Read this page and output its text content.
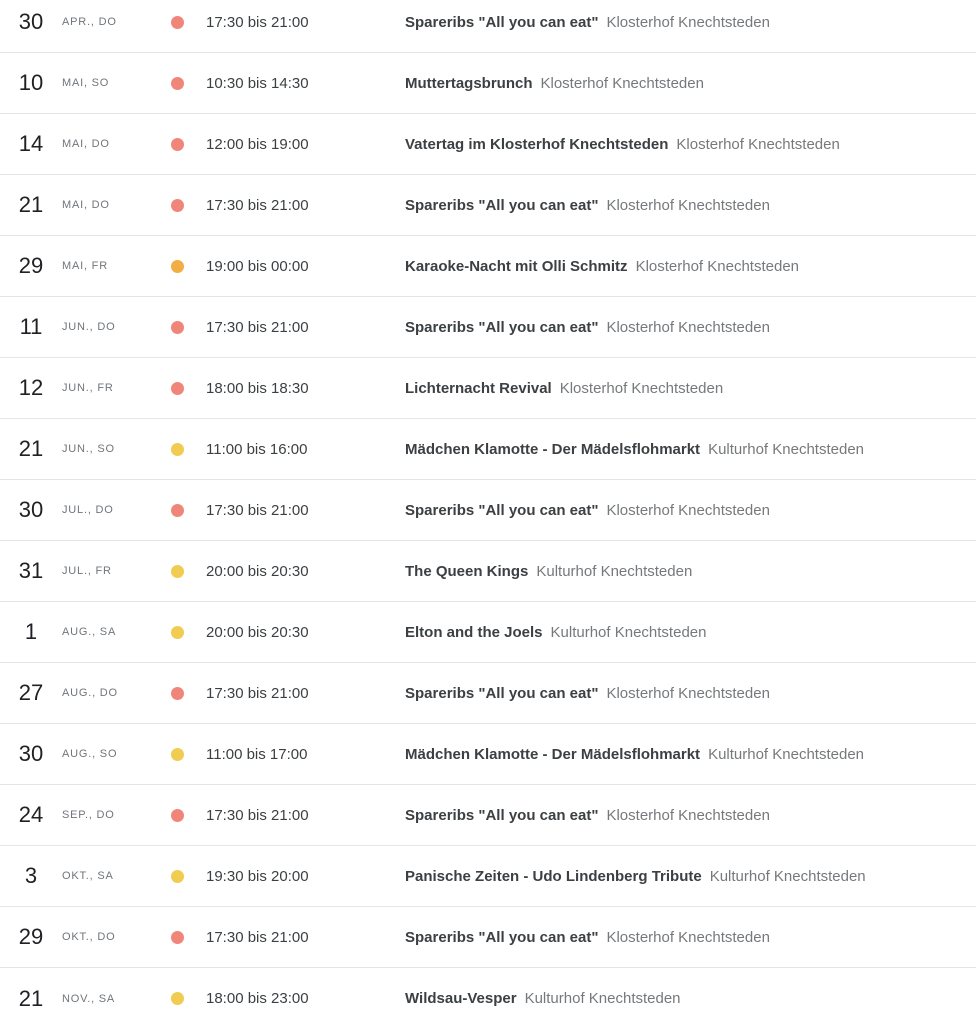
30	APR., DO	17:30 bis 21:00	Spareribs "All you can eat" Klosterhof Knechtsteden
10	MAI, SO	10:30 bis 14:30	Muttertagsbrunch Klosterhof Knechtsteden
14	MAI, DO	12:00 bis 19:00	Vatertag im Klosterhof Knechtsteden Klosterhof Knechtsteden
21	MAI, DO	17:30 bis 21:00	Spareribs "All you can eat" Klosterhof Knechtsteden
29	MAI, FR	19:00 bis 00:00	Karaoke-Nacht mit Olli Schmitz Klosterhof Knechtsteden
11	JUN., DO	17:30 bis 21:00	Spareribs "All you can eat" Klosterhof Knechtsteden
12	JUN., FR	18:00 bis 18:30	Lichternacht Revival Klosterhof Knechtsteden
21	JUN., SO	11:00 bis 16:00	Mädchen Klamotte - Der Mädelsflohmarkt Kulturhof Knechtsteden
30	JUL., DO	17:30 bis 21:00	Spareribs "All you can eat" Klosterhof Knechtsteden
31	JUL., FR	20:00 bis 20:30	The Queen Kings Kulturhof Knechtsteden
1	AUG., SA	20:00 bis 20:30	Elton and the Joels Kulturhof Knechtsteden
27	AUG., DO	17:30 bis 21:00	Spareribs "All you can eat" Klosterhof Knechtsteden
30	AUG., SO	11:00 bis 17:00	Mädchen Klamotte - Der Mädelsflohmarkt Kulturhof Knechtsteden
24	SEP., DO	17:30 bis 21:00	Spareribs "All you can eat" Klosterhof Knechtsteden
3	OKT., SA	19:30 bis 20:00	Panische Zeiten - Udo Lindenberg Tribute Kulturhof Knechtsteden
29	OKT., DO	17:30 bis 21:00	Spareribs "All you can eat" Klosterhof Knechtsteden
21	NOV., SA	18:00 bis 23:00	Wildsau-Vesper Kulturhof Knechtsteden
